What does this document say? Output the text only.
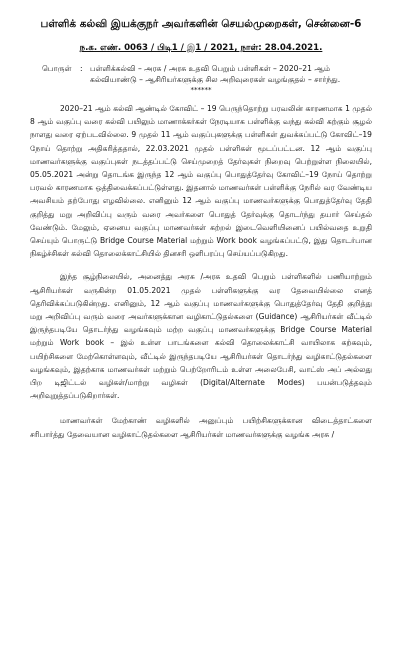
பள்ளிக் கல்வி இயக்குநர் அவர்களின் செயல்முறைகள், சென்னை-6
ந.க. எண். 0063 / பிடி1 / இ1 / 2021, நாள்: 28.04.2021.
பொருள்	: பள்ளிக்கல்வி – அரசு / அரசு உதவி பெறும் பள்ளிகள் – 2020–21 ஆம் கல்வியாண்டு – ஆசிரியர்களுக்கு சில அறிவுரைகள் வழங்குதல் – சார்ந்து.
******

2020–21 ஆம் கல்வி ஆண்டில் கோவிட் – 19 பெருந்தொற்று பரவலின் காரணமாக 1 முதல் 8 ஆம் வகுப்பு வரை கல்வி பயிலும் மாணாக்கர்கள் நேரடியாக பள்ளிக்கு வந்து கல்வி கற்கும் சூழல் நாளது வரை ஏற்படவில்லை. 9 முதல் 11 ஆம் வகுப்புகளுக்கு பள்ளிகள் துவக்கப்பட்டு கோவிட்–19 நோய் தொற்று அதிகரித்ததால், 22.03.2021 முதல் பள்ளிகள் மூடப்பட்டன. 12 ஆம் வகுப்பு மாணவர்களுக்கு வகுப்புகள் நடத்தப்பட்டு செய்முறைத் தேர்வுகள் நிறைவு பெற்றுள்ள நிலையில், 05.05.2021 அன்று தொடங்க இருந்த 12 ஆம் வகுப்பு பொதுத்தேர்வு கோவிட்–19 நோய் தொற்று பரவல் காரணமாக ஒத்திவைக்கப்பட்டுள்ளது. இதனால் மாணவர்கள் பள்ளிக்கு நேரில் வர வேண்டிய அவசியம் தற்போது எழவில்லை. எனினும் 12 ஆம் வகுப்பு மாணவர்களுக்கு பொதுத்தேர்வு தேதி குறித்து மறு அறிவிப்பு வரும் வரை அவர்களை பொதுத் தேர்வுக்கு தொடர்ந்து தயார் செய்தல் வேண்டும். மேலும், ஏனைய வகுப்பு மாணவர்கள் கற்றல் இடைவெளியினைப் பயில்வதை உறுதி செய்யும் பொருட்டு Bridge Course Material மற்றும் Work book வழங்கப்பட்டு, இது தொடர்பான நிகழ்ச்சிகள் கல்வி தொலைக்காட்சியில் தினசரி ஒளிபரப்பு செய்யப்படுகிறது.

இந்த சூழ்நிலையில், அனைத்து அரசு /அரசு உதவி பெறும் பள்ளிகளில் பணியாற்றும் ஆசிரியர்கள் வருகின்ற 01.05.2021 முதல் பள்ளிகளுக்கு வர தேவையில்லை எனத் தெரிவிக்கப்படுகின்றது. எனினும், 12 ஆம் வகுப்பு மாணவர்களுக்கு பொதுத்தேர்வு தேதி குறித்து மறு அறிவிப்பு வரும் வரை அவர்களுக்கான வழிகாட்டுதல்களை (Guidance) ஆசிரியர்கள் வீட்டில் இருந்தபடியே தொடர்ந்து வழங்கவும் மற்ற வகுப்பு மாணவர்களுக்கு Bridge Course Material மற்றும் Work book – இல் உள்ள பாடங்களை கல்வி தொலைக்காட்சி வாயிலாக கற்கவும், பயிற்சிகளை மேற்கொள்ளவும், வீட்டில் இருந்தபடியே ஆசிரியர்கள் தொடர்ந்து வழிகாட்டுதல்களை வழங்கவும், இதற்காக மாணவர்கள் மற்றும் பெற்றோரிடம் உள்ள அலைபேசி, வாட்ஸ் அப் அல்லது பிற டிஜிட்டல் வழிகள்/மாற்று வழிகள் (Digital/Alternate Modes) பயன்படுத்தவும் அறிவுறுத்தப்படுகிறார்கள்.

மாணவர்கள் மேற்காண் வழிகளில் அனுப்பும் பயிற்சிகளுக்கான விடைத்தாட்களை சரிபார்த்து தேவையான வழிகாட்டுதல்களை ஆசிரியர்கள் மாணவர்களுக்கு வழங்க அரசு /
